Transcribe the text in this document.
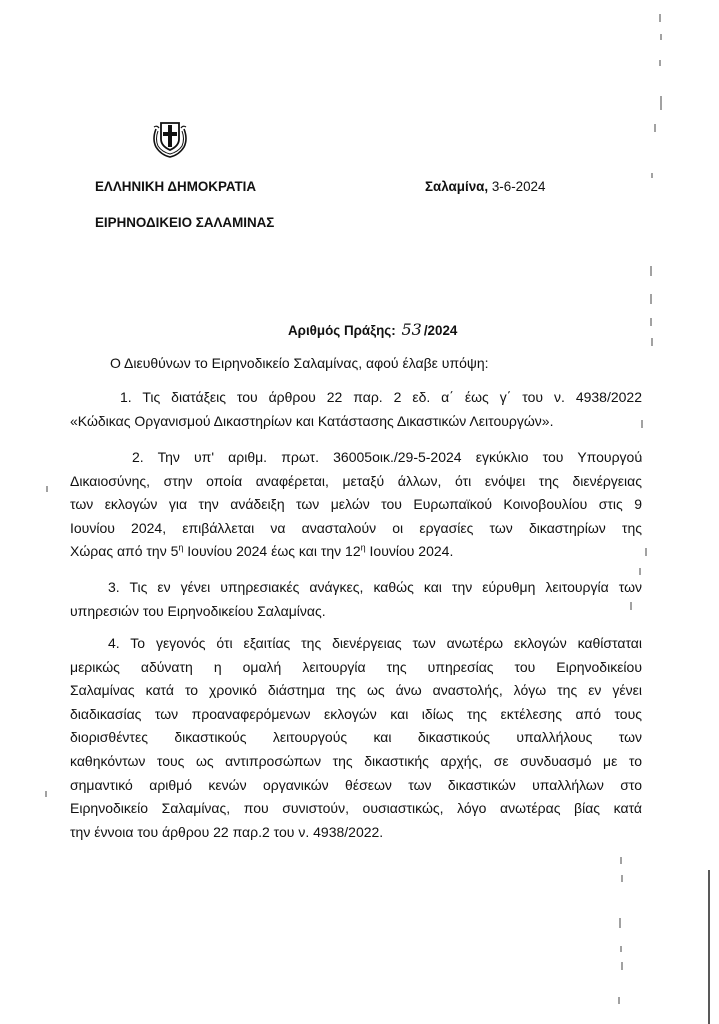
ΕΛΛΗΝΙΚΗ ΔΗΜΟΚΡΑΤΙΑ
ΕΙΡΗΝΟΔΙΚΕΙΟ ΣΑΛΑΜΙΝΑΣ
Σαλαμίνα, 3-6-2024
Αριθμός Πράξης: 53 /2024
Ο Διευθύνων το Ειρηνοδικείο Σαλαμίνας, αφού έλαβε υπόψη:
1. Τις διατάξεις του άρθρου 22 παρ. 2 εδ. α΄ έως γ΄ του ν. 4938/2022
«Κώδικας Οργανισμού Δικαστηρίων και Κατάστασης Δικαστικών Λειτουργών».
2. Την υπ' αριθμ. πρωτ. 36005οικ./29-5-2024 εγκύκλιο του Υπουργού
Δικαιοσύνης, στην οποία αναφέρεται, μεταξύ άλλων, ότι ενόψει της διενέργειας
των εκλογών για την ανάδειξη των μελών του Ευρωπαϊκού Κοινοβουλίου στις 9
Ιουνίου 2024, επιβάλλεται να ανασταλούν οι εργασίες των δικαστηρίων της
Χώρας από την $5^\eta$ Ιουνίου 2024 έως και την $12^\eta$ Ιουνίου 2024.
3. Τις εν γένει υπηρεσιακές ανάγκες, καθώς και την εύρυθμη λειτουργία των
υπηρεσιών του Ειρηνοδικείου Σαλαμίνας.
4. Το γεγονός ότι εξαιτίας της διενέργειας των ανωτέρω εκλογών καθίσταται
μερικώς αδύνατη η ομαλή λειτουργία της υπηρεσίας του Ειρηνοδικείου
Σαλαμίνας κατά το χρονικό διάστημα της ως άνω αναστολής, λόγω της εν γένει
διαδικασίας των προαναφερόμενων εκλογών και ιδίως της εκτέλεσης από τους
διορισθέντες δικαστικούς λειτουργούς και δικαστικούς υπαλλήλους των
καθηκόντων τους ως αντιπροσώπων της δικαστικής αρχής, σε συνδυασμό με το
σημαντικό αριθμό κενών οργανικών θέσεων των δικαστικών υπαλλήλων στο
Ειρηνοδικείο Σαλαμίνας, που συνιστούν, ουσιαστικώς, λόγο ανωτέρας βίας κατά
την έννοια του άρθρου 22 παρ.2 του ν. 4938/2022.
